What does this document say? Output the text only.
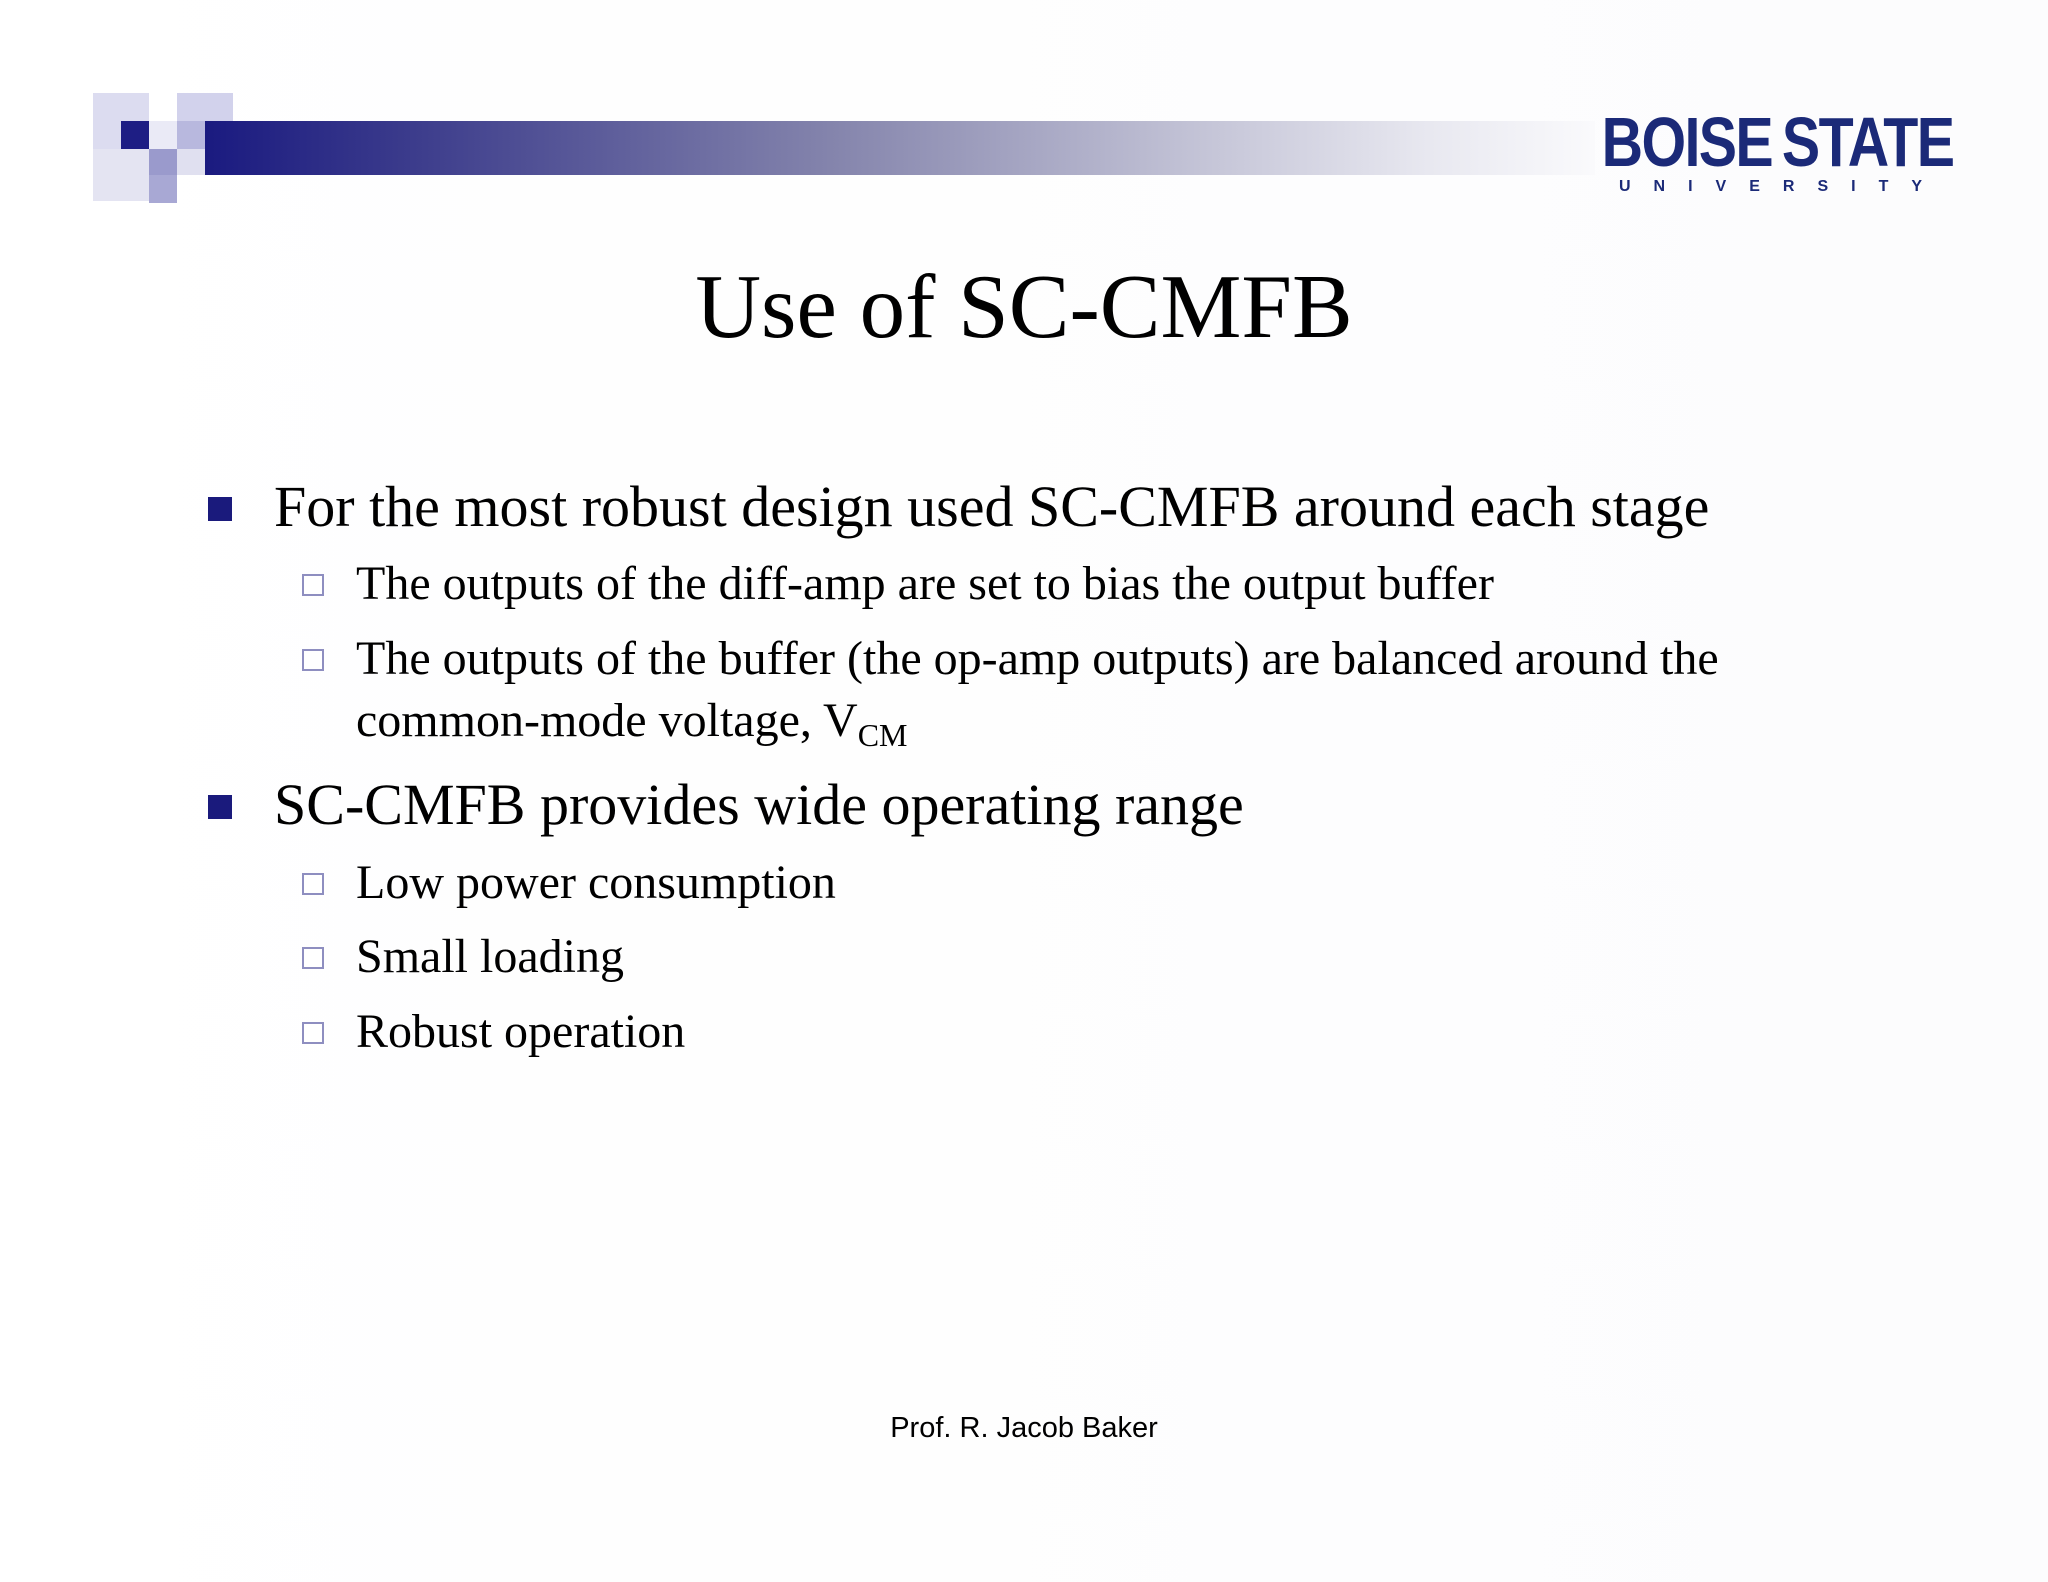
BOISE STATE
UNIVERSITY
Use of SC-CMFB
For the most robust design used SC-CMFB around each stage
The outputs of the diff-amp are set to bias the output buffer
The outputs of the buffer (the op-amp outputs) are balanced around the
common-mode voltage, $V_{CM}$
SC-CMFB provides wide operating range
Low power consumption
Small loading
Robust operation
Prof. R. Jacob Baker
